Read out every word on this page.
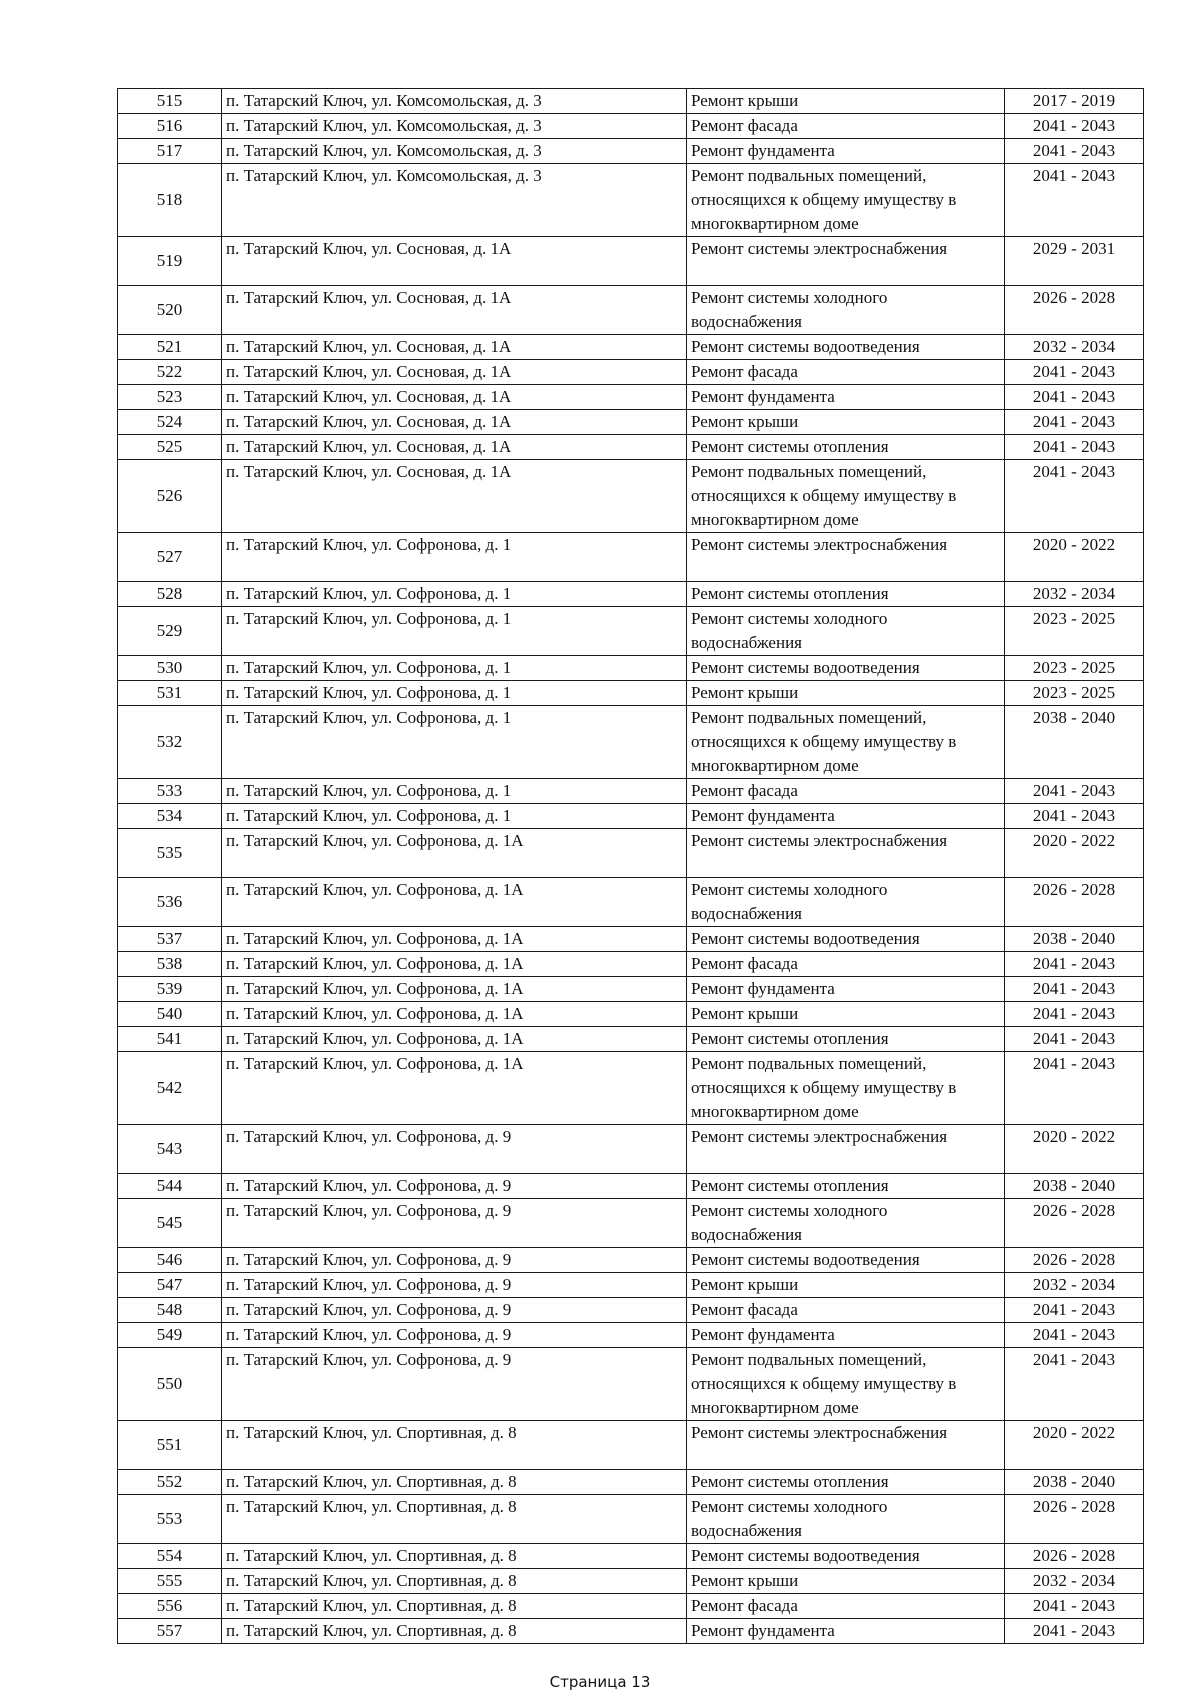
515	п. Татарский Ключ, ул. Комсомольская, д. 3	Ремонт крыши	2017 - 2019
516	п. Татарский Ключ, ул. Комсомольская, д. 3	Ремонт фасада	2041 - 2043
517	п. Татарский Ключ, ул. Комсомольская, д. 3	Ремонт фундамента	2041 - 2043
518	п. Татарский Ключ, ул. Комсомольская, д. 3	Ремонт подвальных помещений, относящихся к общему имуществу в многоквартирном доме	2041 - 2043
519	п. Татарский Ключ, ул. Сосновая, д. 1А	Ремонт системы электроснабжения	2029 - 2031
520	п. Татарский Ключ, ул. Сосновая, д. 1А	Ремонт системы холодного водоснабжения	2026 - 2028
521	п. Татарский Ключ, ул. Сосновая, д. 1А	Ремонт системы водоотведения	2032 - 2034
522	п. Татарский Ключ, ул. Сосновая, д. 1А	Ремонт фасада	2041 - 2043
523	п. Татарский Ключ, ул. Сосновая, д. 1А	Ремонт фундамента	2041 - 2043
524	п. Татарский Ключ, ул. Сосновая, д. 1А	Ремонт крыши	2041 - 2043
525	п. Татарский Ключ, ул. Сосновая, д. 1А	Ремонт системы отопления	2041 - 2043
526	п. Татарский Ключ, ул. Сосновая, д. 1А	Ремонт подвальных помещений, относящихся к общему имуществу в многоквартирном доме	2041 - 2043
527	п. Татарский Ключ, ул. Софронова, д. 1	Ремонт системы электроснабжения	2020 - 2022
528	п. Татарский Ключ, ул. Софронова, д. 1	Ремонт системы отопления	2032 - 2034
529	п. Татарский Ключ, ул. Софронова, д. 1	Ремонт системы холодного водоснабжения	2023 - 2025
530	п. Татарский Ключ, ул. Софронова, д. 1	Ремонт системы водоотведения	2023 - 2025
531	п. Татарский Ключ, ул. Софронова, д. 1	Ремонт крыши	2023 - 2025
532	п. Татарский Ключ, ул. Софронова, д. 1	Ремонт подвальных помещений, относящихся к общему имуществу в многоквартирном доме	2038 - 2040
533	п. Татарский Ключ, ул. Софронова, д. 1	Ремонт фасада	2041 - 2043
534	п. Татарский Ключ, ул. Софронова, д. 1	Ремонт фундамента	2041 - 2043
535	п. Татарский Ключ, ул. Софронова, д. 1А	Ремонт системы электроснабжения	2020 - 2022
536	п. Татарский Ключ, ул. Софронова, д. 1А	Ремонт системы холодного водоснабжения	2026 - 2028
537	п. Татарский Ключ, ул. Софронова, д. 1А	Ремонт системы водоотведения	2038 - 2040
538	п. Татарский Ключ, ул. Софронова, д. 1А	Ремонт фасада	2041 - 2043
539	п. Татарский Ключ, ул. Софронова, д. 1А	Ремонт фундамента	2041 - 2043
540	п. Татарский Ключ, ул. Софронова, д. 1А	Ремонт крыши	2041 - 2043
541	п. Татарский Ключ, ул. Софронова, д. 1А	Ремонт системы отопления	2041 - 2043
542	п. Татарский Ключ, ул. Софронова, д. 1А	Ремонт подвальных помещений, относящихся к общему имуществу в многоквартирном доме	2041 - 2043
543	п. Татарский Ключ, ул. Софронова, д. 9	Ремонт системы электроснабжения	2020 - 2022
544	п. Татарский Ключ, ул. Софронова, д. 9	Ремонт системы отопления	2038 - 2040
545	п. Татарский Ключ, ул. Софронова, д. 9	Ремонт системы холодного водоснабжения	2026 - 2028
546	п. Татарский Ключ, ул. Софронова, д. 9	Ремонт системы водоотведения	2026 - 2028
547	п. Татарский Ключ, ул. Софронова, д. 9	Ремонт крыши	2032 - 2034
548	п. Татарский Ключ, ул. Софронова, д. 9	Ремонт фасада	2041 - 2043
549	п. Татарский Ключ, ул. Софронова, д. 9	Ремонт фундамента	2041 - 2043
550	п. Татарский Ключ, ул. Софронова, д. 9	Ремонт подвальных помещений, относящихся к общему имуществу в многоквартирном доме	2041 - 2043
551	п. Татарский Ключ, ул. Спортивная, д. 8	Ремонт системы электроснабжения	2020 - 2022
552	п. Татарский Ключ, ул. Спортивная, д. 8	Ремонт системы отопления	2038 - 2040
553	п. Татарский Ключ, ул. Спортивная, д. 8	Ремонт системы холодного водоснабжения	2026 - 2028
554	п. Татарский Ключ, ул. Спортивная, д. 8	Ремонт системы водоотведения	2026 - 2028
555	п. Татарский Ключ, ул. Спортивная, д. 8	Ремонт крыши	2032 - 2034
556	п. Татарский Ключ, ул. Спортивная, д. 8	Ремонт фасада	2041 - 2043
557	п. Татарский Ключ, ул. Спортивная, д. 8	Ремонт фундамента	2041 - 2043
Страница 13
